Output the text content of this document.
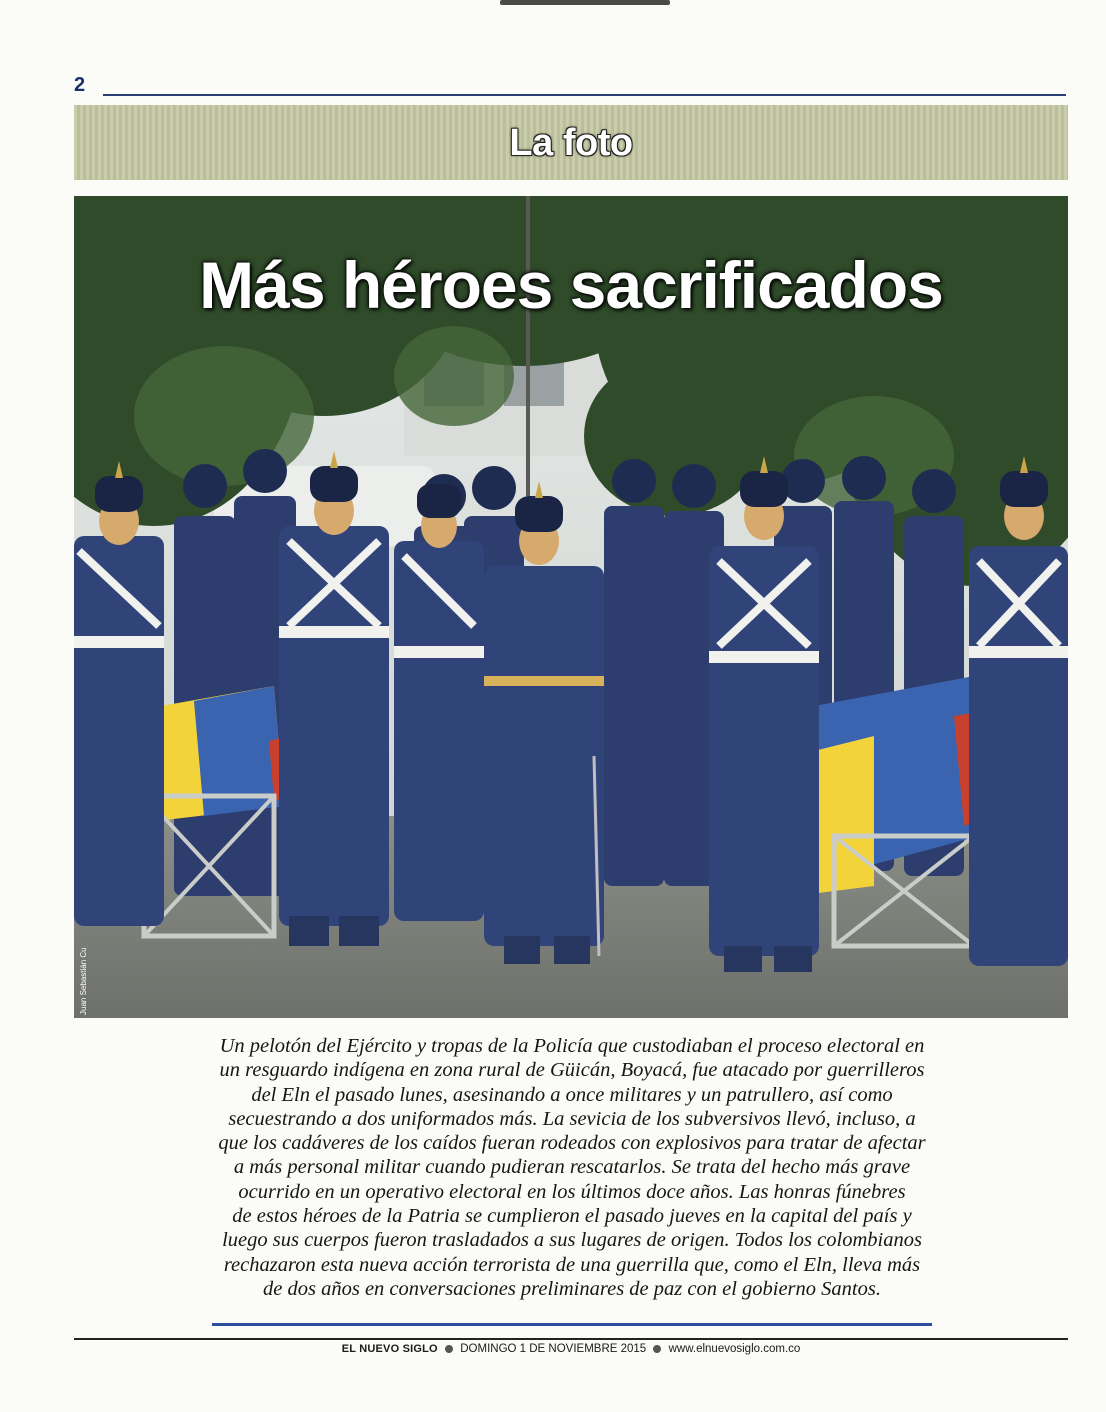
2
La foto
Más héroes sacrificados
Juan Sebastián Cu
Un pelotón del Ejército y tropas de la Policía que custodiaban el proceso electoral en
un resguardo indígena en zona rural de Güicán, Boyacá, fue atacado por guerrilleros
del Eln el pasado lunes, asesinando a once militares y un patrullero, así como
secuestrando a dos uniformados más. La sevicia de los subversivos llevó, incluso, a
que los cadáveres de los caídos fueran rodeados con explosivos para tratar de afectar
a más personal militar cuando pudieran rescatarlos. Se trata del hecho más grave
ocurrido en un operativo electoral en los últimos doce años. Las honras fúnebres
de estos héroes de la Patria se cumplieron el pasado jueves en la capital del país y
luego sus cuerpos fueron trasladados a sus lugares de origen. Todos los colombianos
rechazaron esta nueva acción terrorista de una guerrilla que, como el Eln, lleva más
de dos años en conversaciones preliminares de paz con el gobierno Santos.
EL NUEVO SIGLO DOMINGO 1 DE NOVIEMBRE 2015 www.elnuevosiglo.com.co
